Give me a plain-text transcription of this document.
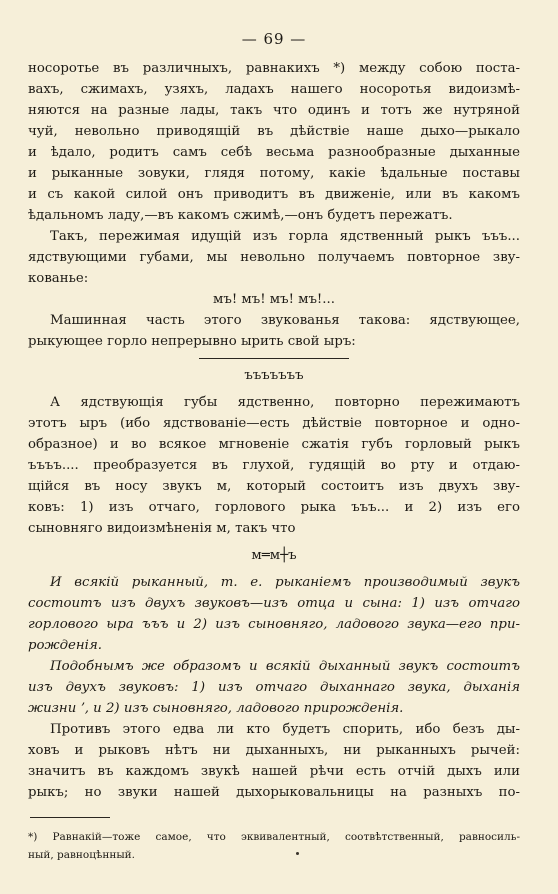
— 69 —
носоротье въ различныхъ, равнакихъ *) между собою поста-
вахъ, сжимахъ, узяхъ, ладахъ нашего носоротья видоизмѣ-
няются на разные лады, такъ что одинъ и тотъ же нутряной
чуй, невольно приводящій въ дѣйствіе наше дыхо—рыкало
и ѣдало, родитъ самъ себѣ весьма разнообразные дыханные
и рыканные зовуки, глядя потому, какіе ѣдальные поставы
и съ какой силой онъ приводитъ въ движеніе, или въ какомъ
ѣдальномъ ладу,—въ какомъ сжимѣ,—онъ будетъ пережатъ.
Такъ, пережимая идущій изъ горла ядственный рыкъ ъъъ...
ядствующими губами, мы невольно получаемъ повторное зву-
кованье:
мъ! мъ! мъ! мъ!...
Машинная часть этого звукованья такова: ядствующее,
рыкующее горло непрерывно ырить свой ыръ:
ъъъъъъъ
А ядствующія губы ядственно, повторно пережимаютъ
этотъ ыръ (ибо ядствованіе—есть дѣйствіе повторное и одно-
образное) и во всякое мгновеніе сжатія губъ горловый рыкъ
ъъъъ.... преобразуется въ глухой, гудящій во рту и отдаю-
щійся въ носу звукъ м, который состоитъ изъ двухъ зву-
ковъ: 1) изъ отчаго, горлового рыка ъъъ... и 2) изъ его
сыновняго видоизмѣненія м, такъ что
м═м┼ъ
И всякій рыканный, т. е. рыканіемъ производимый звукъ
состоитъ изъ двухъ звуковъ—изъ отца и сына: 1) изъ отчаго
горлового ыра ъъъ и 2) изъ сыновняго, ладового звука—его при-
рожденія.
Подобнымъ же образомъ и всякій дыханный звукъ состоитъ
изъ двухъ звуковъ: 1) изъ отчаго дыханнаго звука, дыханія
жизни ʼ, и 2) изъ сыновняго, ладового прирожденія.
Противъ этого едва ли кто будетъ спорить, ибо безъ ды-
ховъ и рыковъ нѣтъ ни дыханныхъ, ни рыканныхъ рычей:
значитъ въ каждомъ звукѣ нашей рѣчи есть отчій дыхъ или
рыкъ; но звуки нашей дыхорыковальницы на разныхъ по-
*) Равнакій—тоже самое, что эквивалентный, соотвѣтственный, равносиль-
ный, равноцѣнный.
